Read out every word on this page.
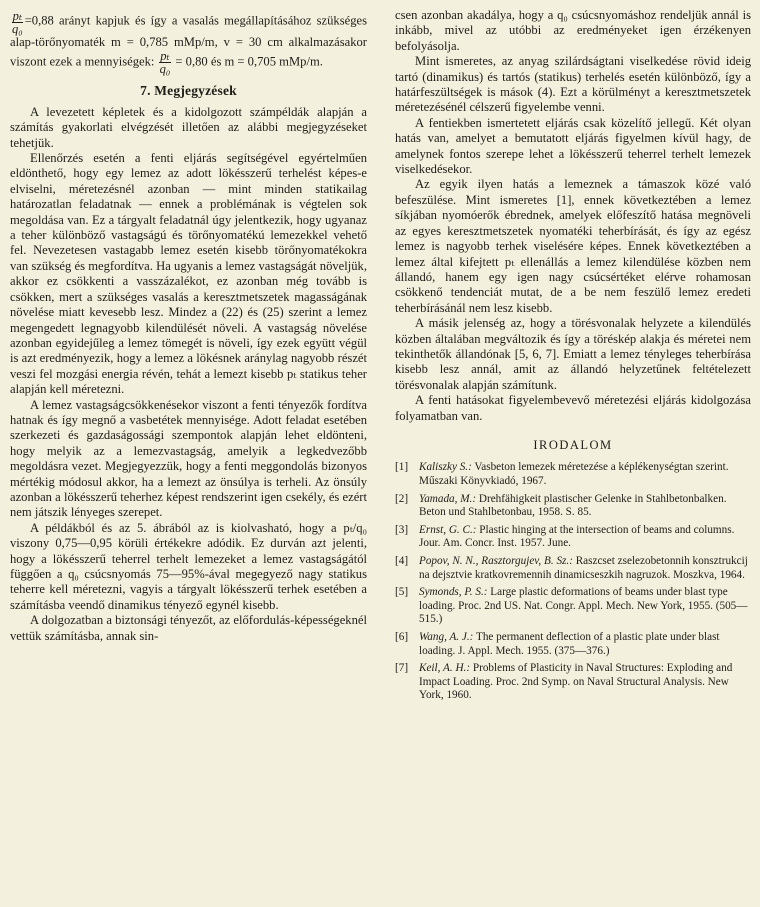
$\frac{\text{pₜ}}{\text{q₀}} =0,88$ arányt kapjuk és így a vasalás megállapításához szükséges alap-törőnyomaték m = 0,785 mMp/m, v = 30 cm alkalmazásakor viszont ezek a mennyiségek: $\frac{\text{pₜ}}{\text{q₀}} = 0,80$ és m = 0,705 mMp/m.

7. Megjegyzések

A levezetett képletek és a kidolgozott számpéldák alapján a számítás gyakorlati elvégzését illetően az alábbi megjegyzéseket tehetjük.

Ellenőrzés esetén a fenti eljárás segítségével egyértelműen eldönthető, hogy egy lemez az adott lökésszerű terhelést képes-e elviselni, méretezésnél azonban — mint minden statikailag határozatlan feladatnak — ennek a problémának is végtelen sok megoldása van. Ez a tárgyalt feladatnál úgy jelentkezik, hogy ugyanaz a teher különböző vastagságú és törőnyomatékú lemezekkel vehető fel. Nevezetesen vastagabb lemez esetén kisebb törőnyomatékokra van szükség és megfordítva. Ha ugyanis a lemez vastagságát növeljük, akkor ez csökkenti a vasszázalékot, ez azonban még tovább is csökken, mert a szükséges vasalás a keresztmetszetek magasságának növelése miatt kevesebb lesz. Mindez a (22) és (25) szerint a lemez megengedett legnagyobb kilendülését növeli. A vastagság növelése azonban egyidejűleg a lemez tömegét is növeli, így ezek együtt végül is azt eredményezik, hogy a lemez a lökésnek aránylag nagyobb részét veszi fel mozgási energia révén, tehát a lemezt kisebb pₜ statikus teher alapján kell méretezni.

A lemez vastagságcsökkenésekor viszont a fenti tényezők fordítva hatnak és így megnő a vasbetétek mennyisége. Adott feladat esetében szerkezeti és gazdaságossági szempontok alapján lehet eldönteni, hogy melyik az a lemezvastagság, amelyik a legkedvezőbb megoldásra vezet. Megjegyezzük, hogy a fenti meggondolás bizonyos mértékig módosul akkor, ha a lemezt az önsúlya is terheli. Az önsúly azonban a lökésszerű teherhez képest rendszerint igen csekély, és ezért nem játszik lényeges szerepet.

A példákból és az 5. ábrából az is kiolvasható, hogy a pₜ/q₀ viszony 0,75—0,95 körüli értékekre adódik. Ez durván azt jelenti, hogy a lökésszerű teherrel terhelt lemezeket a lemez vastagságától függően a q₀ csúcsnyomás 75—95%-ával megegyező nagy statikus teherre kell méretezni, vagyis a tárgyalt lökésszerű terhek esetében a számításba veendő dinamikus tényező egynél kisebb.

A dolgozatban a biztonsági tényezőt, az előfordulás-képességeknél vettük számításba, annak sin-

csen azonban akadálya, hogy a q₀ csúcsnyomáshoz rendeljük annál is inkább, mivel az utóbbi az eredményeket igen érzékenyen befolyásolja.

Mint ismeretes, az anyag szilárdságtani viselkedése rövid ideig tartó (dinamikus) és tartós (statikus) terhelés esetén különböző, így a határfeszültségek is mások (4). Ezt a körülményt a keresztmetszetek méretezésénél célszerű figyelembe venni.

A fentiekben ismertetett eljárás csak közelítő jellegű. Két olyan hatás van, amelyet a bemutatott eljárás figyelmen kívül hagy, de amelynek fontos szerepe lehet a lökésszerű teherrel terhelt lemezek viselkedésekor.

Az egyik ilyen hatás a lemeznek a támaszok közé való befeszülése. Mint ismeretes [1], ennek következtében a lemez síkjában nyomóerők ébrednek, amelyek előfeszítő hatása megnöveli az egyes keresztmetszetek nyomatéki teherbírását, és így az egész lemez is nagyobb terhek viselésére képes. Ennek következtében a lemez által kifejtett pₜ ellenállás a lemez kilendülése közben nem állandó, hanem egy igen nagy csúcsértéket elérve rohamosan csökkenő tendenciát mutat, de a be nem feszülő lemez eredeti teherbírásánál nem lesz kisebb.

A másik jelenség az, hogy a törésvonalak helyzete a kilendülés közben általában megváltozik és így a töréskép alakja és méretei nem tekinthetők állandónak [5, 6, 7]. Emiatt a lemez tényleges teherbírása kisebb lesz annál, amit az állandó helyzetűnek feltételezett törésvonalak alapján számítunk.

A fenti hatásokat figyelembevevő méretezési eljárás kidolgozása folyamatban van.

IRODALOM
[1] Kaliszky S.: Vasbeton lemezek méretezése a képlékenységtan szerint. Műszaki Könyvkiadó, 1967.
[2] Yamada, M.: Drehfähigkeit plastischer Gelenke in Stahlbetonbalken. Beton und Stahlbetonbau, 1958. S. 85.
[3] Ernst, G. C.: Plastic hinging at the intersection of beams and columns. Jour. Am. Concr. Inst. 1957. June.
[4] Popov, N. N., Rasztorgujev, B. Sz.: Raszcset zselezobetonnih konsztrukcij na dejsztvie kratkovremennih dinamicseszkih nagruzok. Moszkva, 1964.
[5] Symonds, P. S.: Large plastic deformations of beams under blast type loading. Proc. 2nd US. Nat. Congr. Appl. Mech. New York, 1955. (505—515.)
[6] Wang, A. J.: The permanent deflection of a plastic plate under blast loading. J. Appl. Mech. 1955. (375—376.)
[7] Keil, A. H.: Problems of Plasticity in Naval Structures: Exploding and Impact Loading. Proc. 2nd Symp. on Naval Structural Analysis. New York, 1960.
